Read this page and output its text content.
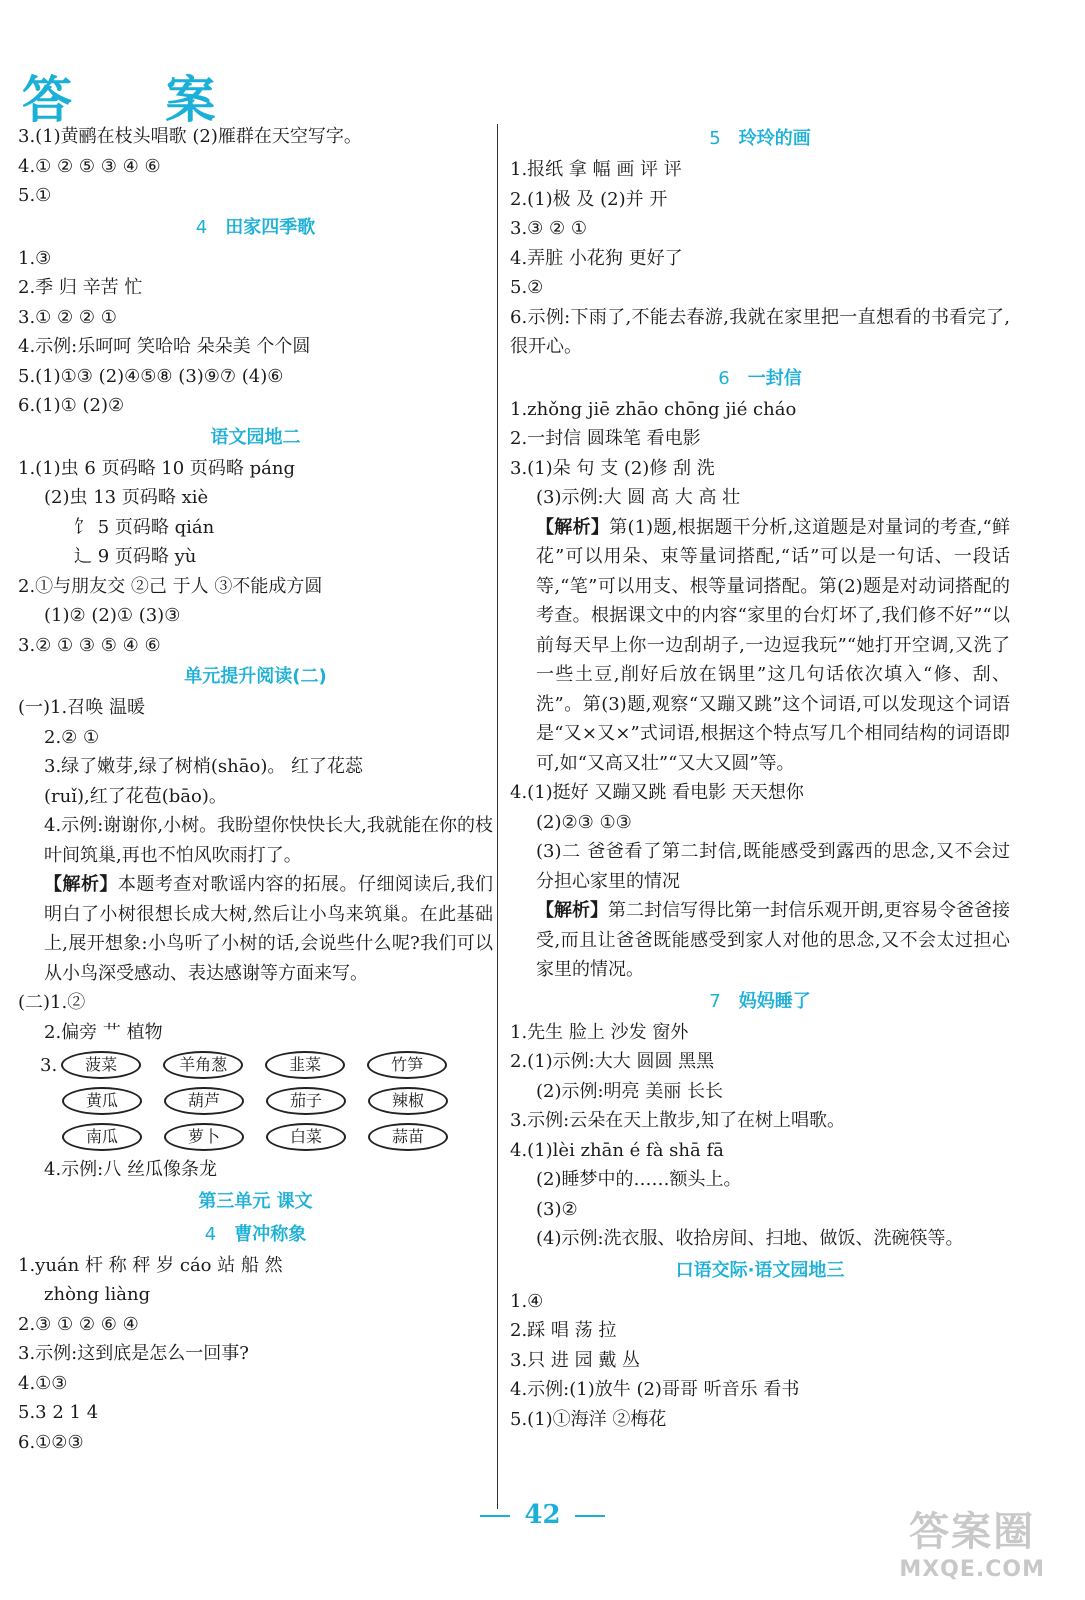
答 案
3.(1)黄鹂在枝头唱歌 (2)雁群在天空写字。
4.① ② ⑤ ③ ④ ⑥
5.①
4 田家四季歌
1.③
2.季 归 辛苦 忙
3.① ② ② ①
4.示例:乐呵呵 笑哈哈 朵朵美 个个圆
5.(1)①③ (2)④⑤⑧ (3)⑨⑦ (4)⑥
6.(1)① (2)②
语文园地二
1.(1)虫 6 页码略 10 页码略 páng
(2)虫 13 页码略 xiè
饣 5 页码略 qián
辶 9 页码略 yù
2.①与朋友交 ②己 于人 ③不能成方圆
(1)② (2)① (3)③
3.② ① ③ ⑤ ④ ⑥
单元提升阅读(二)
(一)1.召唤 温暖
2.② ①
3.绿了嫩芽,绿了树梢(shāo)。 红了花蕊
(ruǐ),红了花苞(bāo)。
4.示例:谢谢你,小树。我盼望你快快长大,我就能在你的枝叶间筑巢,再也不怕风吹雨打了。
【解析】本题考查对歌谣内容的拓展。仔细阅读后,我们明白了小树很想长成大树,然后让小鸟来筑巢。在此基础上,展开想象:小鸟听了小树的话,会说些什么呢?我们可以从小鸟深受感动、表达感谢等方面来写。
(二)1.②
2.偏旁 艹 植物
3.	菠菜	羊角葱	韭菜	竹笋
黄瓜	葫芦	茄子	辣椒
南瓜	萝卜	白菜	蒜苗
4.示例:八 丝瓜像条龙
第三单元 课文
4 曹冲称象
1.yuán 杆 称 秤 岁 cáo 站 船 然
zhòng liàng
2.③ ① ② ⑥ ④
3.示例:这到底是怎么一回事?
4.①③
5.3 2 1 4
6.①②③
5 玲玲的画
1.报纸 拿 幅 画 评 评
2.(1)极 及 (2)并 开
3.③ ② ①
4.弄脏 小花狗 更好了
5.②
6.示例:下雨了,不能去春游,我就在家里把一直想看的书看完了,很开心。
6 一封信
1.zhǒng jiē zhāo chōng jié cháo
2.一封信 圆珠笔 看电影
3.(1)朵 句 支 (2)修 刮 洗
(3)示例:大 圆 高 大 高 壮
【解析】第(1)题,根据题干分析,这道题是对量词的考查,“鲜花”可以用朵、束等量词搭配,“话”可以是一句话、一段话等,“笔”可以用支、根等量词搭配。第(2)题是对动词搭配的考查。根据课文中的内容“家里的台灯坏了,我们修不好”“以前每天早上你一边刮胡子,一边逗我玩”“她打开空调,又洗了一些土豆,削好后放在锅里”这几句话依次填入“修、刮、洗”。第(3)题,观察“又蹦又跳”这个词语,可以发现这个词语是“又×又×”式词语,根据这个特点写几个相同结构的词语即可,如“又高又壮”“又大又圆”等。
4.(1)挺好 又蹦又跳 看电影 天天想你
(2)②③ ①③
(3)二 爸爸看了第二封信,既能感受到露西的思念,又不会过分担心家里的情况
【解析】第二封信写得比第一封信乐观开朗,更容易令爸爸接受,而且让爸爸既能感受到家人对他的思念,又不会太过担心家里的情况。
7 妈妈睡了
1.先生 脸上 沙发 窗外
2.(1)示例:大大 圆圆 黑黑
(2)示例:明亮 美丽 长长
3.示例:云朵在天上散步,知了在树上唱歌。
4.(1)lèi zhān é fà shā fā
(2)睡梦中的……额头上。
(3)②
(4)示例:洗衣服、收拾房间、扫地、做饭、洗碗筷等。
口语交际·语文园地三
1.④
2.踩 唱 荡 拉
3.只 进 园 戴 丛
4.示例:(1)放牛 (2)哥哥 听音乐 看书
5.(1)①海洋 ②梅花
42	答案圈
MXQE.COM
